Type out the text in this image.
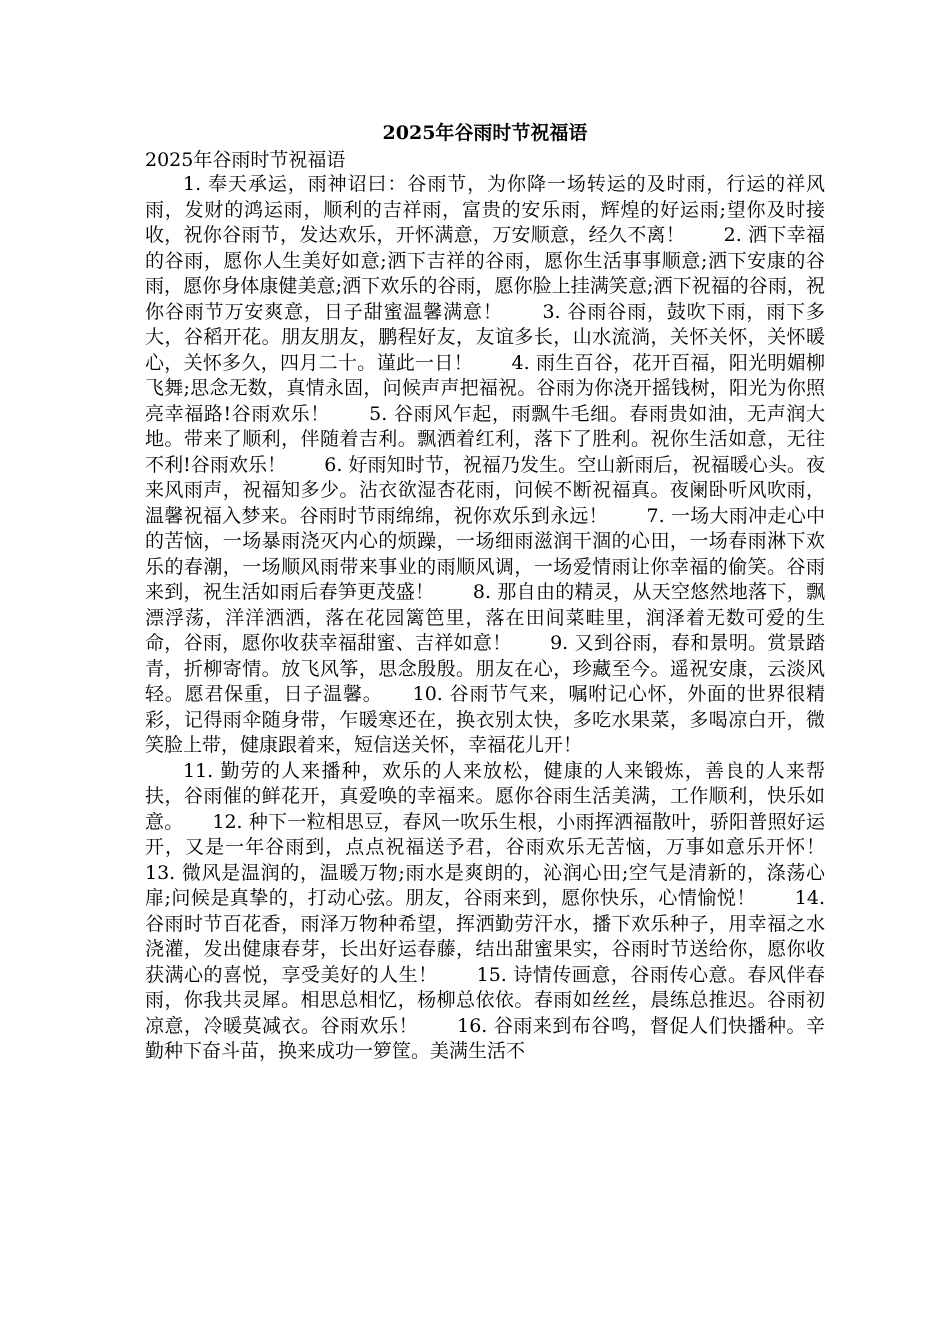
2025年谷雨时节祝福语
2025年谷雨时节祝福语

1. 奉天承运，雨神诏曰：谷雨节，为你降一场转运的及时雨，行运的祥风雨，发财的鸿运雨，顺利的吉祥雨，富贵的安乐雨，辉煌的好运雨;望你及时接收，祝你谷雨节，发达欢乐，开怀满意，万安顺意，经久不离！　　2. 洒下幸福的谷雨，愿你人生美好如意;洒下吉祥的谷雨，愿你生活事事顺意;洒下安康的谷雨，愿你身体康健美意;洒下欢乐的谷雨，愿你脸上挂满笑意;洒下祝福的谷雨，祝你谷雨节万安爽意，日子甜蜜温馨满意！　　3. 谷雨谷雨，鼓吹下雨，雨下多大，谷稻开花。朋友朋友，鹏程好友，友谊多长，山水流淌，关怀关怀，关怀暖心，关怀多久，四月二十。谨此一日！　　4. 雨生百谷，花开百福，阳光明媚柳飞舞;思念无数，真情永固，问候声声把福祝。谷雨为你浇开摇钱树，阳光为你照亮幸福路!谷雨欢乐！　　5. 谷雨风乍起，雨飘牛毛细。春雨贵如油，无声润大地。带来了顺利，伴随着吉利。飘洒着红利，落下了胜利。祝你生活如意，无往不利!谷雨欢乐！　　6. 好雨知时节，祝福乃发生。空山新雨后，祝福暖心头。夜来风雨声，祝福知多少。沾衣欲湿杏花雨，问候不断祝福真。夜阑卧听风吹雨，温馨祝福入梦来。谷雨时节雨绵绵，祝你欢乐到永远！　　7. 一场大雨冲走心中的苦恼，一场暴雨浇灭内心的烦躁，一场细雨滋润干涸的心田，一场春雨淋下欢乐的春潮，一场顺风雨带来事业的雨顺风调，一场爱情雨让你幸福的偷笑。谷雨来到，祝生活如雨后春笋更茂盛！　　8. 那自由的精灵，从天空悠然地落下，飘漂浮荡，洋洋洒洒，落在花园篱笆里，落在田间菜畦里，润泽着无数可爱的生命，谷雨，愿你收获幸福甜蜜、吉祥如意！　　9. 又到谷雨，春和景明。赏景踏青，折柳寄情。放飞风筝，思念殷殷。朋友在心，珍藏至今。遥祝安康，云淡风轻。愿君保重，日子温馨。　　10. 谷雨节气来，嘱咐记心怀，外面的世界很精彩，记得雨伞随身带，乍暖寒还在，换衣别太快，多吃水果菜，多喝凉白开，微笑脸上带，健康跟着来，短信送关怀，幸福花儿开！

11. 勤劳的人来播种，欢乐的人来放松，健康的人来锻炼，善良的人来帮扶，谷雨催的鲜花开，真爱唤的幸福来。愿你谷雨生活美满，工作顺利，快乐如意。　　12. 种下一粒相思豆，春风一吹乐生根，小雨挥洒福散叶，骄阳普照好运开，又是一年谷雨到，点点祝福送予君，谷雨欢乐无苦恼，万事如意乐开怀！　　13. 微风是温润的，温暖万物;雨水是爽朗的，沁润心田;空气是清新的，涤荡心扉;问候是真挚的，打动心弦。朋友，谷雨来到，愿你快乐，心情愉悦！　　14. 谷雨时节百花香，雨泽万物种希望，挥洒勤劳汗水，播下欢乐种子，用幸福之水浇灌，发出健康春芽，长出好运春藤，结出甜蜜果实，谷雨时节送给你，愿你收获满心的喜悦，享受美好的人生！　　15. 诗情传画意，谷雨传心意。春风伴春雨，你我共灵犀。相思总相忆，杨柳总依依。春雨如丝丝，晨练总推迟。谷雨初凉意，冷暖莫减衣。谷雨欢乐！　　16. 谷雨来到布谷鸣，督促人们快播种。辛勤种下奋斗苗，换来成功一箩筐。美满生活不
